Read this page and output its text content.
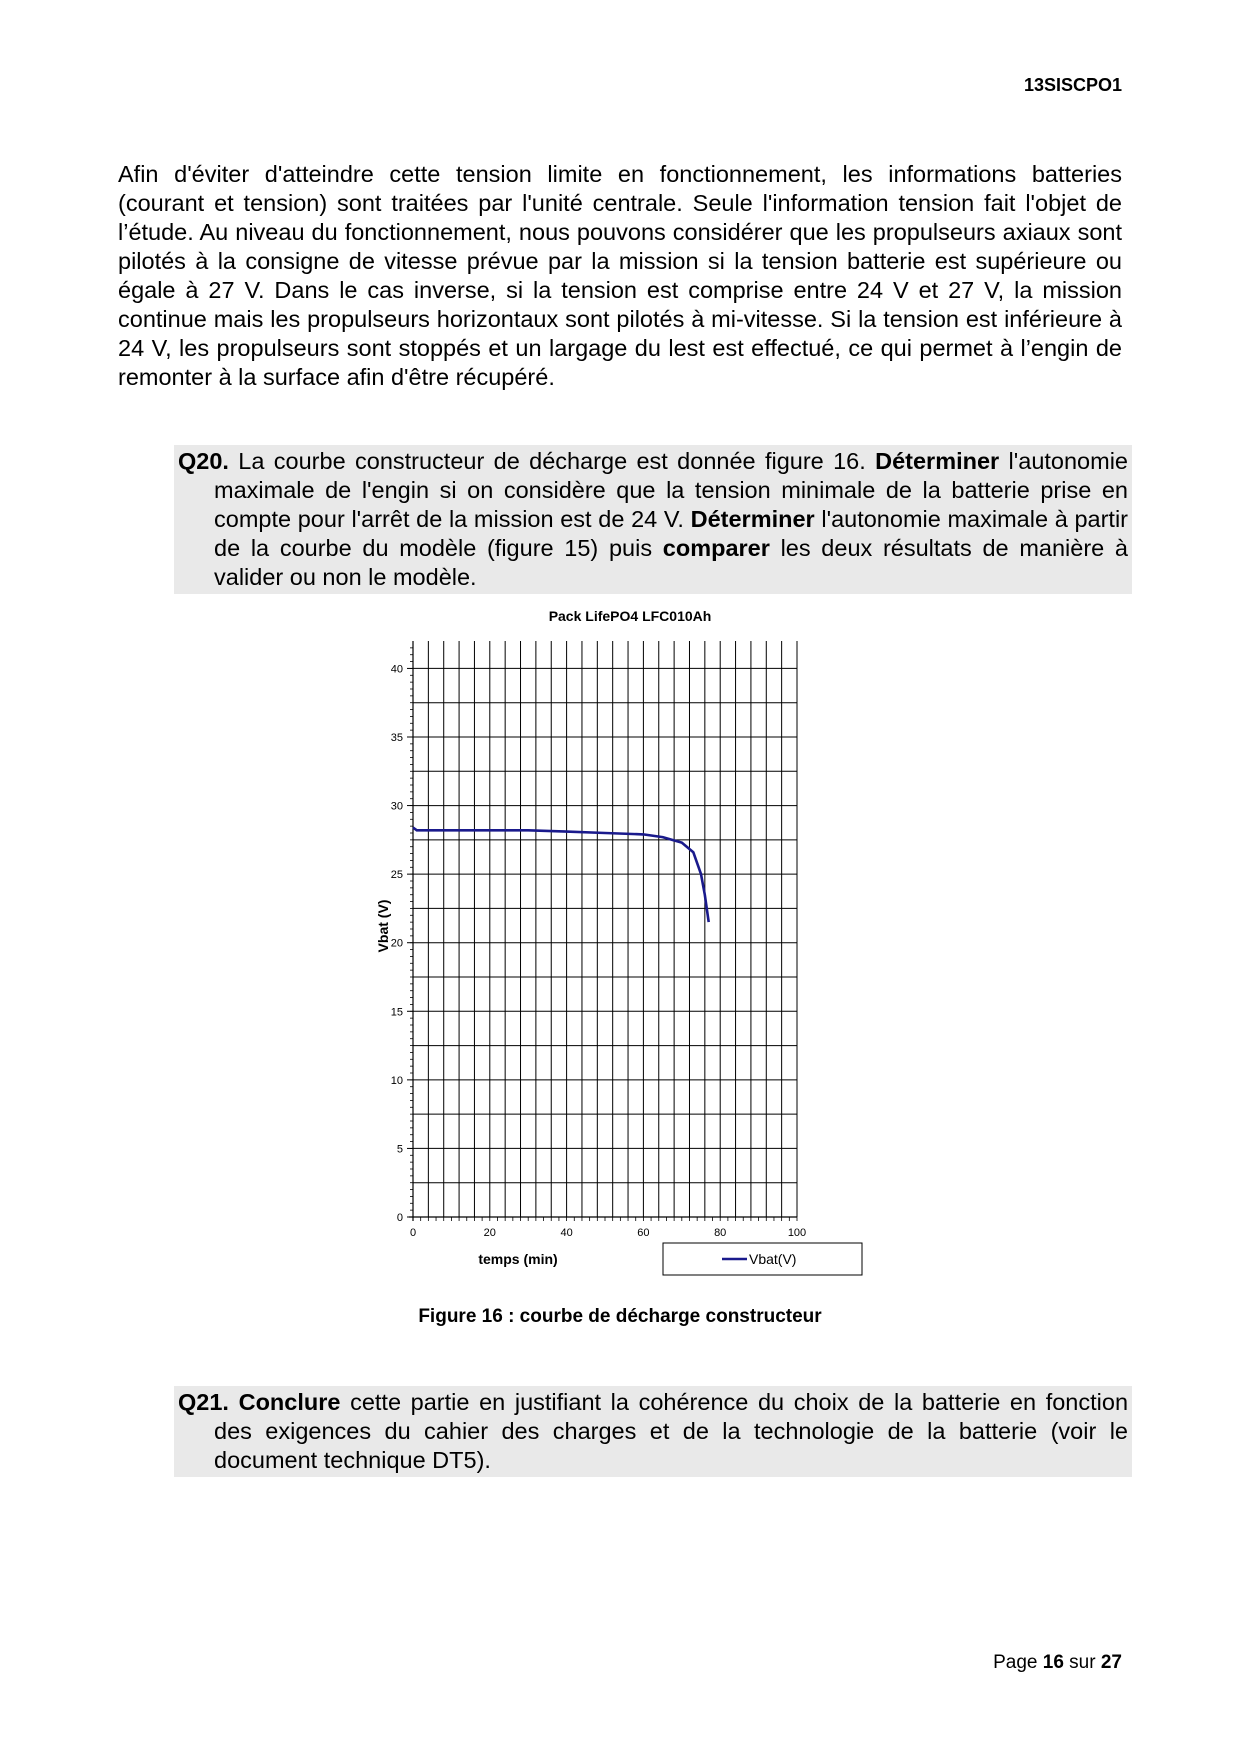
13SISCPO1

Afin d'éviter d'atteindre cette tension limite en fonctionnement, les informations batteries (courant et tension) sont traitées par l'unité centrale. Seule l'information tension fait l'objet de l’étude. Au niveau du fonctionnement, nous pouvons considérer que les propulseurs axiaux sont pilotés à la consigne de vitesse prévue par la mission si la tension batterie est supérieure ou égale à 27 V. Dans le cas inverse, si la tension est comprise entre 24 V et 27 V, la mission continue mais les propulseurs horizontaux sont pilotés à mi-vitesse. Si la tension est inférieure à 24 V, les propulseurs sont stoppés et un largage du lest est effectué, ce qui permet à l’engin de remonter à la surface afin d'être récupéré.

Q20. La courbe constructeur de décharge est donnée figure 16. Déterminer l'autonomie maximale de l'engin si on considère que la tension minimale de la batterie prise en compte pour l'arrêt de la mission est de 24 V. Déterminer l'autonomie maximale à partir de la courbe du modèle (figure 15) puis comparer les deux résultats de manière à valider ou non le modèle.

Pack LifePO4 LFC010Ah
0
5
10
15
20
25
30
35
40
0	20	40	60	80	100
temps (min)
Vbat (V)
Vbat(V)
Figure 16 : courbe de décharge constructeur

Q21. Conclure cette partie en justifiant la cohérence du choix de la batterie en fonction des exigences du cahier des charges et de la technologie de la batterie (voir le document technique DT5).

Page 16 sur 27
